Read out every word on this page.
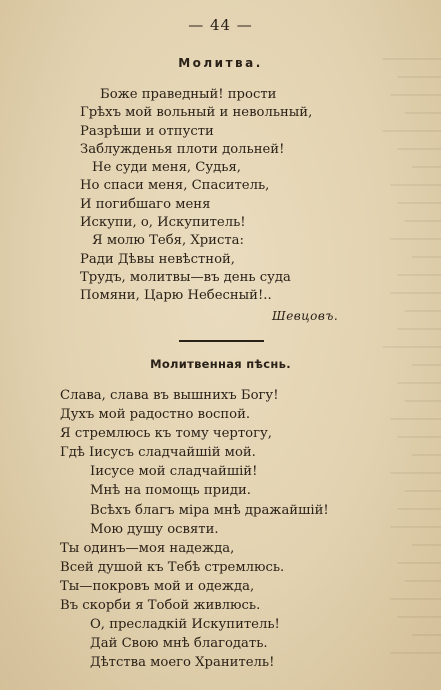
────────
──────
───────
─────
────────
──────
────
───────
──────
─────
───────
────
──────
───────
─────
──────
────────
────
──────
─────
───────
──────
────
───────
─────
──────
───────
────
──────
─────
───────
──────
────
───────
— 44 —
Молитва.
Боже праведный! прости
Грѣхъ мой вольный и невольный,
Разрѣши и отпусти
Заблужденья плоти дольней!
Не суди меня, Судья,
Но спаси меня, Спаситель,
И погибшаго меня
Искупи, о, Искупитель!
Я молю Тебя, Христа:
Ради Дѣвы невѣстной,
Трудъ, молитвы—въ день суда
Помяни, Царю Небесный!..
Шевцовъ.
Молитвенная пѣснь.
Слава, слава въ вышнихъ Богу!
Духъ мой радостно воспой.
Я стремлюсь къ тому чертогу,
Гдѣ Іисусъ сладчайшій мой.
Іисусе мой сладчайшій!
Мнѣ на помощь приди.
Всѣхъ благъ міра мнѣ дражайшій!
Мою душу освяти.
Ты одинъ—моя надежда,
Всей душой къ Тебѣ стремлюсь.
Ты—покровъ мой и одежда,
Въ скорби я Тобой живлюсь.
О, пресладкій Искупитель!
Дай Свою мнѣ благодать.
Дѣтства моего Хранитель!
